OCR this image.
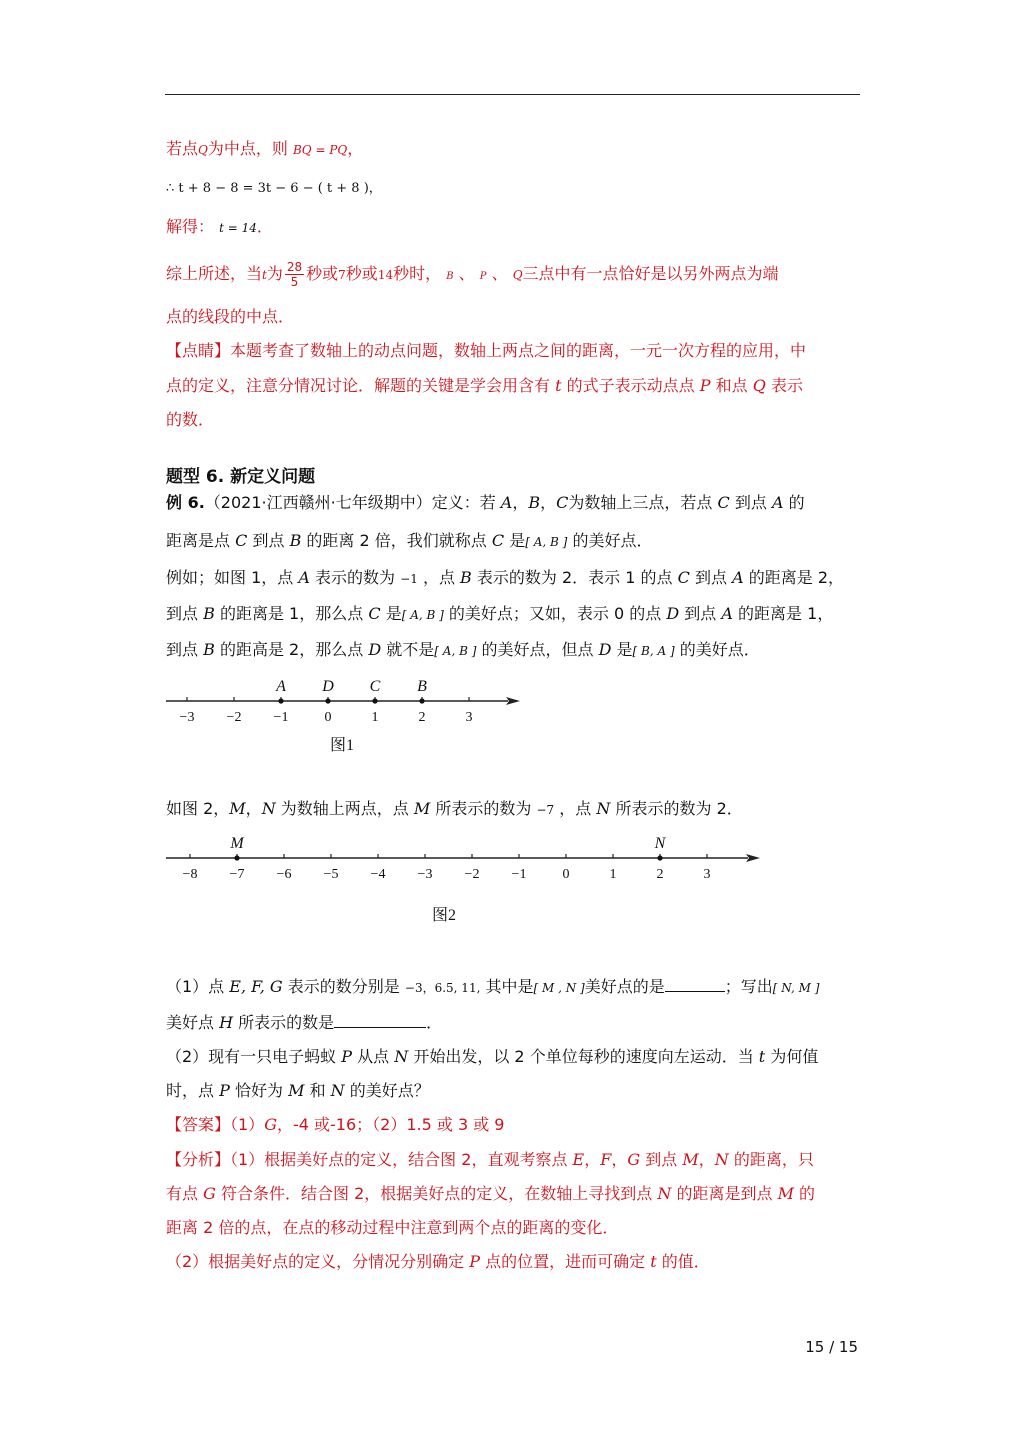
若点Q为中点，则 BQ = PQ，
∴ t + 8 − 8 = 3t − 6 − ( t + 8 )，
解得： t = 14．
综上所述，当t为 $\frac{28}{5}$ 秒或7秒或14秒时， B 、 P 、 Q三点中有一点恰好是以另外两点为端
点的线段的中点．
【点睛】本题考查了数轴上的动点问题，数轴上两点之间的距离，一元一次方程的应用，中
点的定义，注意分情况讨论．解题的关键是学会用含有 t 的式子表示动点点 P 和点 Q 表示
的数．
题型 6. 新定义问题
例 6.（2021·江西赣州·七年级期中）定义：若 A，B，C为数轴上三点，若点 C 到点 A 的
距离是点 C 到点 B 的距离 2 倍，我们就称点 C 是[ A, B ] 的美好点．
例如；如图 1，点 A 表示的数为 −1 ，点 B 表示的数为 2．表示 1 的点 C 到点 A 的距离是 2，
到点 B 的距离是 1，那么点 C 是[ A, B ] 的美好点；又如，表示 0 的点 D 到点 A 的距离是 1，
到点 B 的距高是 2，那么点 D 就不是[ A, B ] 的美好点，但点 D 是[ B, A ] 的美好点．
−3 −2 −1	0	1	2	3
A D C B
图1
如图 2，M，N 为数轴上两点，点 M 所表示的数为 −7 ，点 N 所表示的数为 2．
−8 −7 −6 −5 −4 −3 −2 −1	0	1	2	3
M	N
图2
（1）点 E, F, G 表示的数分别是 −3，6.5, 11, 其中是[ M , N ]美好点的是	；写出[ N, M ]
美好点 H 所表示的数是	．
（2）现有一只电子蚂蚁 P 从点 N 开始出发，以 2 个单位每秒的速度向左运动．当 t 为何值
时，点 P 恰好为 M 和 N 的美好点？
【答案】（1）G，-4 或-16；（2）1.5 或 3 或 9
【分析】（1）根据美好点的定义，结合图 2，直观考察点 E，F，G 到点 M，N 的距离，只
有点 G 符合条件．结合图 2，根据美好点的定义，在数轴上寻找到点 N 的距离是到点 M 的
距离 2 倍的点，在点的移动过程中注意到两个点的距离的变化．
（2）根据美好点的定义，分情况分别确定 P 点的位置，进而可确定 t 的值．
15 / 15
